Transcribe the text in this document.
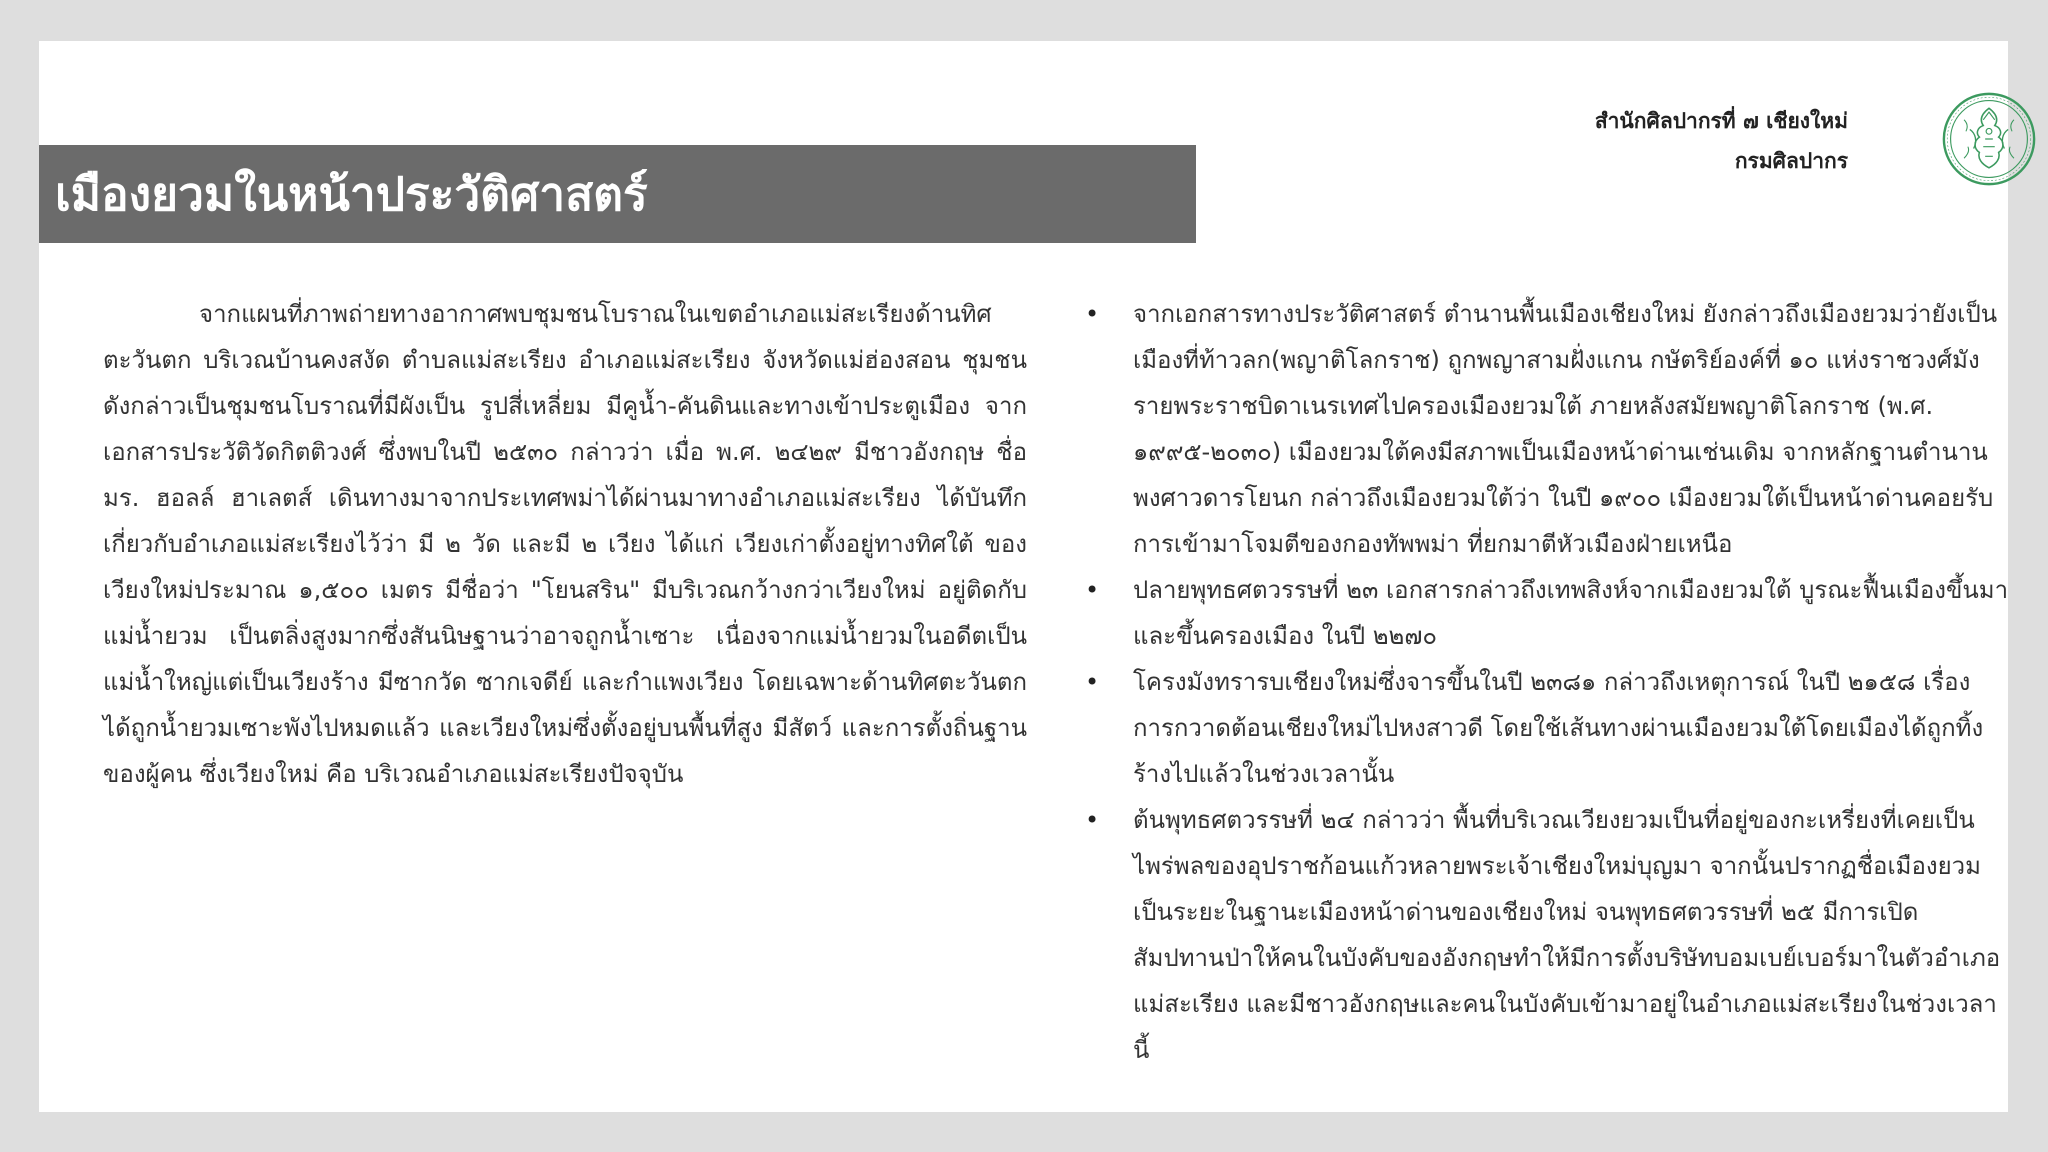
เมืองยวมในหน้าประวัติศาสตร์
สำนักศิลปากรที่ ๗ เชียงใหม่
กรมศิลปากร

จากแผนที่ภาพถ่ายทางอากาศพบชุมชนโบราณในเขตอำเภอแม่สะเรียงด้านทิศตะวันตก บริเวณบ้านคงสงัด ตำบลแม่สะเรียง อำเภอแม่สะเรียง จังหวัดแม่ฮ่องสอน ชุมชนดังกล่าวเป็นชุมชนโบราณที่มีผังเป็น รูปสี่เหลี่ยม มีคูน้ำ-คันดินและทางเข้าประตูเมือง จากเอกสารประวัติวัดกิตติวงศ์ ซึ่งพบในปี ๒๕๓๐ กล่าวว่า เมื่อ พ.ศ. ๒๔๒๙ มีชาวอังกฤษ ชื่อ มร. ฮอลล์ ฮาเลตส์ เดินทางมาจากประเทศพม่าได้ผ่านมาทางอำเภอแม่สะเรียง ได้บันทึกเกี่ยวกับอำเภอแม่สะเรียงไว้ว่า มี ๒ วัด และมี ๒ เวียง ได้แก่ เวียงเก่าตั้งอยู่ทางทิศใต้ ของเวียงใหม่ประมาณ ๑,๕๐๐ เมตร มีชื่อว่า "โยนสริน" มีบริเวณกว้างกว่าเวียงใหม่ อยู่ติดกับแม่น้ำยวม เป็นตลิ่งสูงมากซึ่งสันนิษฐานว่าอาจถูกน้ำเซาะ เนื่องจากแม่น้ำยวมในอดีตเป็นแม่น้ำใหญ่แต่เป็นเวียงร้าง มีซากวัด ซากเจดีย์ และกำแพงเวียง โดยเฉพาะด้านทิศตะวันตก ได้ถูกน้ำยวมเซาะพังไปหมดแล้ว และเวียงใหม่ซึ่งตั้งอยู่บนพื้นที่สูง มีสัตว์ และการตั้งถิ่นฐานของผู้คน ซึ่งเวียงใหม่ คือ บริเวณอำเภอแม่สะเรียงปัจจุบัน

• จากเอกสารทางประวัติศาสตร์ ตำนานพื้นเมืองเชียงใหม่ ยังกล่าวถึงเมืองยวมว่ายังเป็นเมืองที่ท้าวลก(พญาติโลกราช) ถูกพญาสามฝั่งแกน กษัตริย์องค์ที่ ๑๐ แห่งราชวงศ์มังรายพระราชบิดาเนรเทศไปครองเมืองยวมใต้ ภายหลังสมัยพญาติโลกราช (พ.ศ. ๑๙๙๕-๒๐๓๐) เมืองยวมใต้คงมีสภาพเป็นเมืองหน้าด่านเช่นเดิม จากหลักฐานตำนานพงศาวดารโยนก กล่าวถึงเมืองยวมใต้ว่า ในปี ๑๙๐๐ เมืองยวมใต้เป็นหน้าด่านคอยรับการเข้ามาโจมตีของกองทัพพม่า ที่ยกมาตีหัวเมืองฝ่ายเหนือ
• ปลายพุทธศตวรรษที่ ๒๓ เอกสารกล่าวถึงเทพสิงห์จากเมืองยวมใต้ บูรณะฟื้นเมืองขึ้นมาและขึ้นครองเมือง ในปี ๒๒๗๐
• โครงมังทรารบเชียงใหม่ซึ่งจารขึ้นในปี ๒๓๘๑ กล่าวถึงเหตุการณ์ ในปี ๒๑๕๘ เรื่องการกวาดต้อนเชียงใหม่ไปหงสาวดี โดยใช้เส้นทางผ่านเมืองยวมใต้โดยเมืองได้ถูกทิ้งร้างไปแล้วในช่วงเวลานั้น
• ต้นพุทธศตวรรษที่ ๒๔ กล่าวว่า พื้นที่บริเวณเวียงยวมเป็นที่อยู่ของกะเหรี่ยงที่เคยเป็นไพร่พลของอุปราชก้อนแก้วหลายพระเจ้าเชียงใหม่บุญมา จากนั้นปรากฏชื่อเมืองยวมเป็นระยะในฐานะเมืองหน้าด่านของเชียงใหม่ จนพุทธศตวรรษที่ ๒๕ มีการเปิดสัมปทานป่าให้คนในบังคับของอังกฤษทำให้มีการตั้งบริษัทบอมเบย์เบอร์มาในตัวอำเภอแม่สะเรียง และมีชาวอังกฤษและคนในบังคับเข้ามาอยู่ในอำเภอแม่สะเรียงในช่วงเวลานี้
